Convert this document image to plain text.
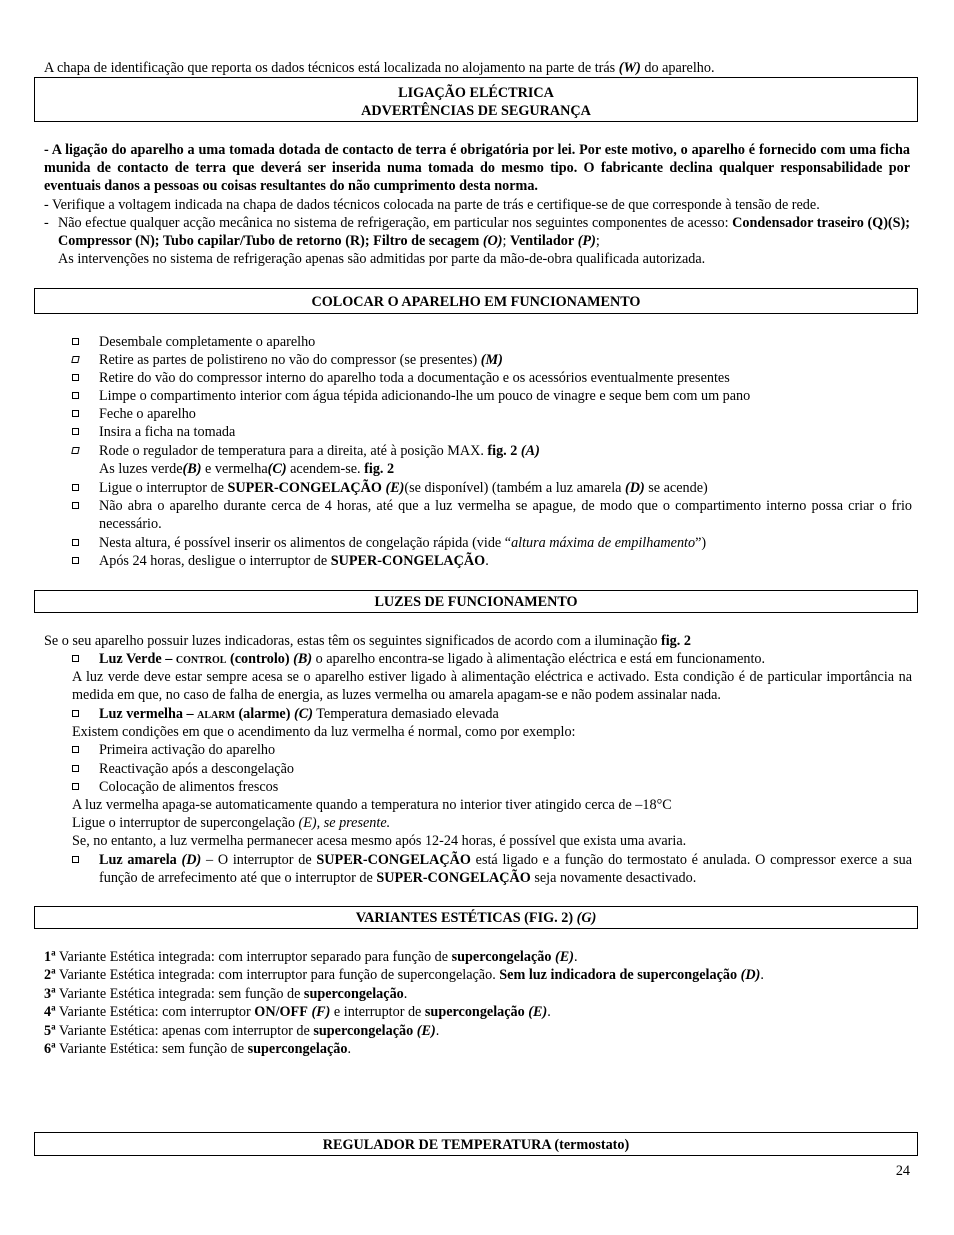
A chapa de identificação que reporta os dados técnicos está localizada no alojamento na parte de trás (W) do aparelho.
LIGAÇÃO ELÉCTRICA
ADVERTÊNCIAS DE SEGURANÇA
- A ligação do aparelho a uma tomada dotada de contacto de terra é obrigatória por lei. Por este motivo, o aparelho é fornecido com uma ficha munida de contacto de terra que deverá ser inserida numa tomada do mesmo tipo. O fabricante declina qualquer responsabilidade por eventuais danos a pessoas ou coisas resultantes do não cumprimento desta norma.
- Verifique a voltagem indicada na chapa de dados técnicos colocada na parte de trás e certifique-se de que corresponde à tensão de rede.
- Não efectue qualquer acção mecânica no sistema de refrigeração, em particular nos seguintes componentes de acesso: Condensador traseiro (Q)(S); Compressor (N); Tubo capilar/Tubo de retorno (R); Filtro de secagem (O); Ventilador (P);
As intervenções no sistema de refrigeração apenas são admitidas por parte da mão-de-obra qualificada autorizada.
COLOCAR O APARELHO EM FUNCIONAMENTO
Desembale completamente o aparelho
Retire as partes de polistireno no vão do compressor (se presentes) (M)
Retire do vão do compressor interno do aparelho toda a documentação e os acessórios eventualmente presentes
Limpe o compartimento interior com água tépida adicionando-lhe um pouco de vinagre e seque bem com um pano
Feche o aparelho
Insira a ficha na tomada
Rode o regulador de temperatura para a direita, até à posição MAX. fig. 2 (A)
As luzes verde(B) e vermelha(C) acendem-se. fig. 2
Ligue o interruptor de SUPER-CONGELAÇÃO (E)(se disponível) (também a luz amarela (D) se acende)
Não abra o aparelho durante cerca de 4 horas, até que a luz vermelha se apague, de modo que o compartimento interno possa criar o frio necessário.
Nesta altura, é possível inserir os alimentos de congelação rápida (vide “altura máxima de empilhamento”)
Após 24 horas, desligue o interruptor de SUPER-CONGELAÇÃO.
LUZES DE FUNCIONAMENTO
Se o seu aparelho possuir luzes indicadoras, estas têm os seguintes significados de acordo com a iluminação fig. 2
Luz Verde – CONTROL (controlo) (B) o aparelho encontra-se ligado à alimentação eléctrica e está em funcionamento.
A luz verde deve estar sempre acesa se o aparelho estiver ligado à alimentação eléctrica e activado. Esta condição é de particular importância na medida em que, no caso de falha de energia, as luzes vermelha ou amarela apagam-se e não podem assinalar nada.
Luz vermelha – ALARM (alarme) (C) Temperatura demasiado elevada
Existem condições em que o acendimento da luz vermelha é normal, como por exemplo:
Primeira activação do aparelho
Reactivação após a descongelação
Colocação de alimentos frescos
A luz vermelha apaga-se automaticamente quando a temperatura no interior tiver atingido cerca de –18°C
Ligue o interruptor de supercongelação (E), se presente.
Se, no entanto, a luz vermelha permanecer acesa mesmo após 12-24 horas, é possível que exista uma avaria.
Luz amarela (D) – O interruptor de SUPER-CONGELAÇÃO está ligado e a função do termostato é anulada. O compressor exerce a sua função de arrefecimento até que o interruptor de SUPER-CONGELAÇÃO seja novamente desactivado.
VARIANTES ESTÉTICAS (FIG. 2) (G)
1$^a$ Variante Estética integrada: com interruptor separado para função de supercongelação (E).
2$^a$ Variante Estética integrada: com interruptor para função de supercongelação. Sem luz indicadora de supercongelação (D).
3$^a$ Variante Estética integrada: sem função de supercongelação.
4$^a$ Variante Estética: com interruptor ON/OFF (F) e interruptor de supercongelação (E).
5$^a$ Variante Estética: apenas com interruptor de supercongelação (E).
6$^a$ Variante Estética: sem função de supercongelação.
REGULADOR DE TEMPERATURA (termostato)
24
